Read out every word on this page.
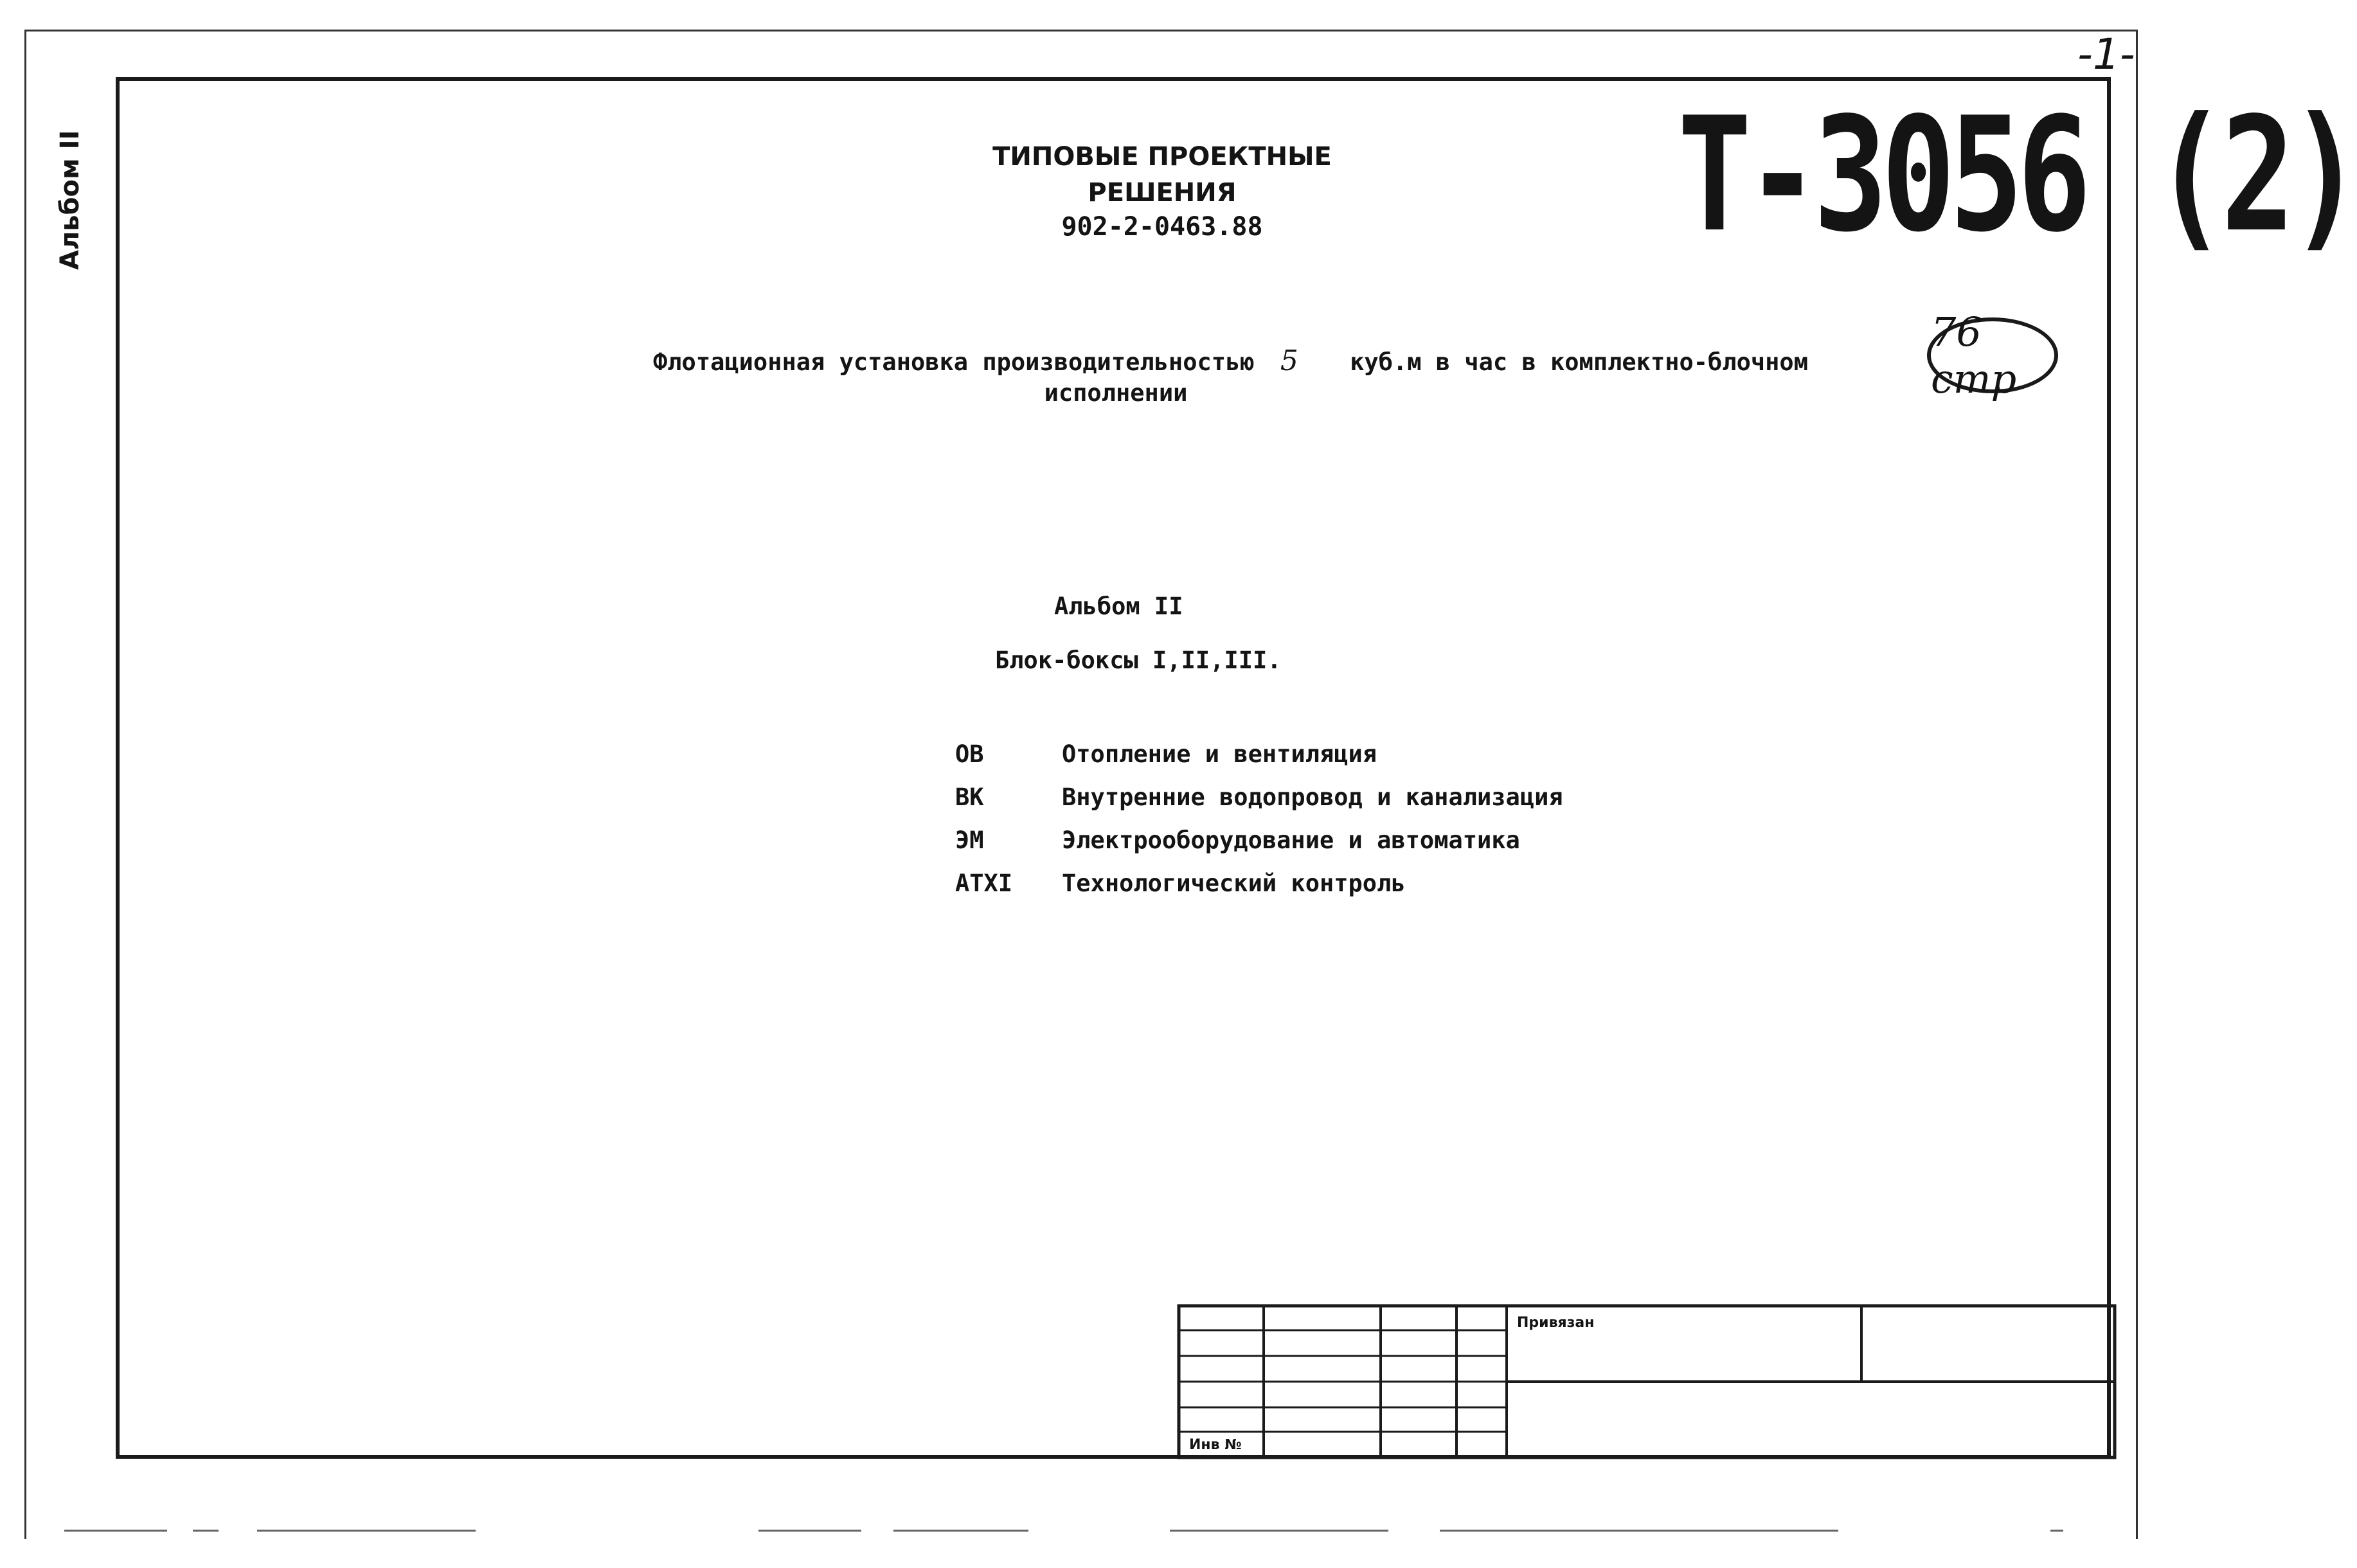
-1-
Альбом II	ТИПОВЫЕ ПРОЕКТНЫЕ
РЕШЕНИЯ
902-2-0463.88	Т-3056 (2)
76 стр
Флотационная установка производительностью 5 куб.м в час в комплектно-блочном
исполнении
Альбом II
Блок-боксы I,II,III.
ОВ	Отопление и вентиляция
ВК	Внутренние водопровод и канализация
ЭМ	Электрооборудование и автоматика
АТХI	Технологический контроль
Привязан
Инв №
